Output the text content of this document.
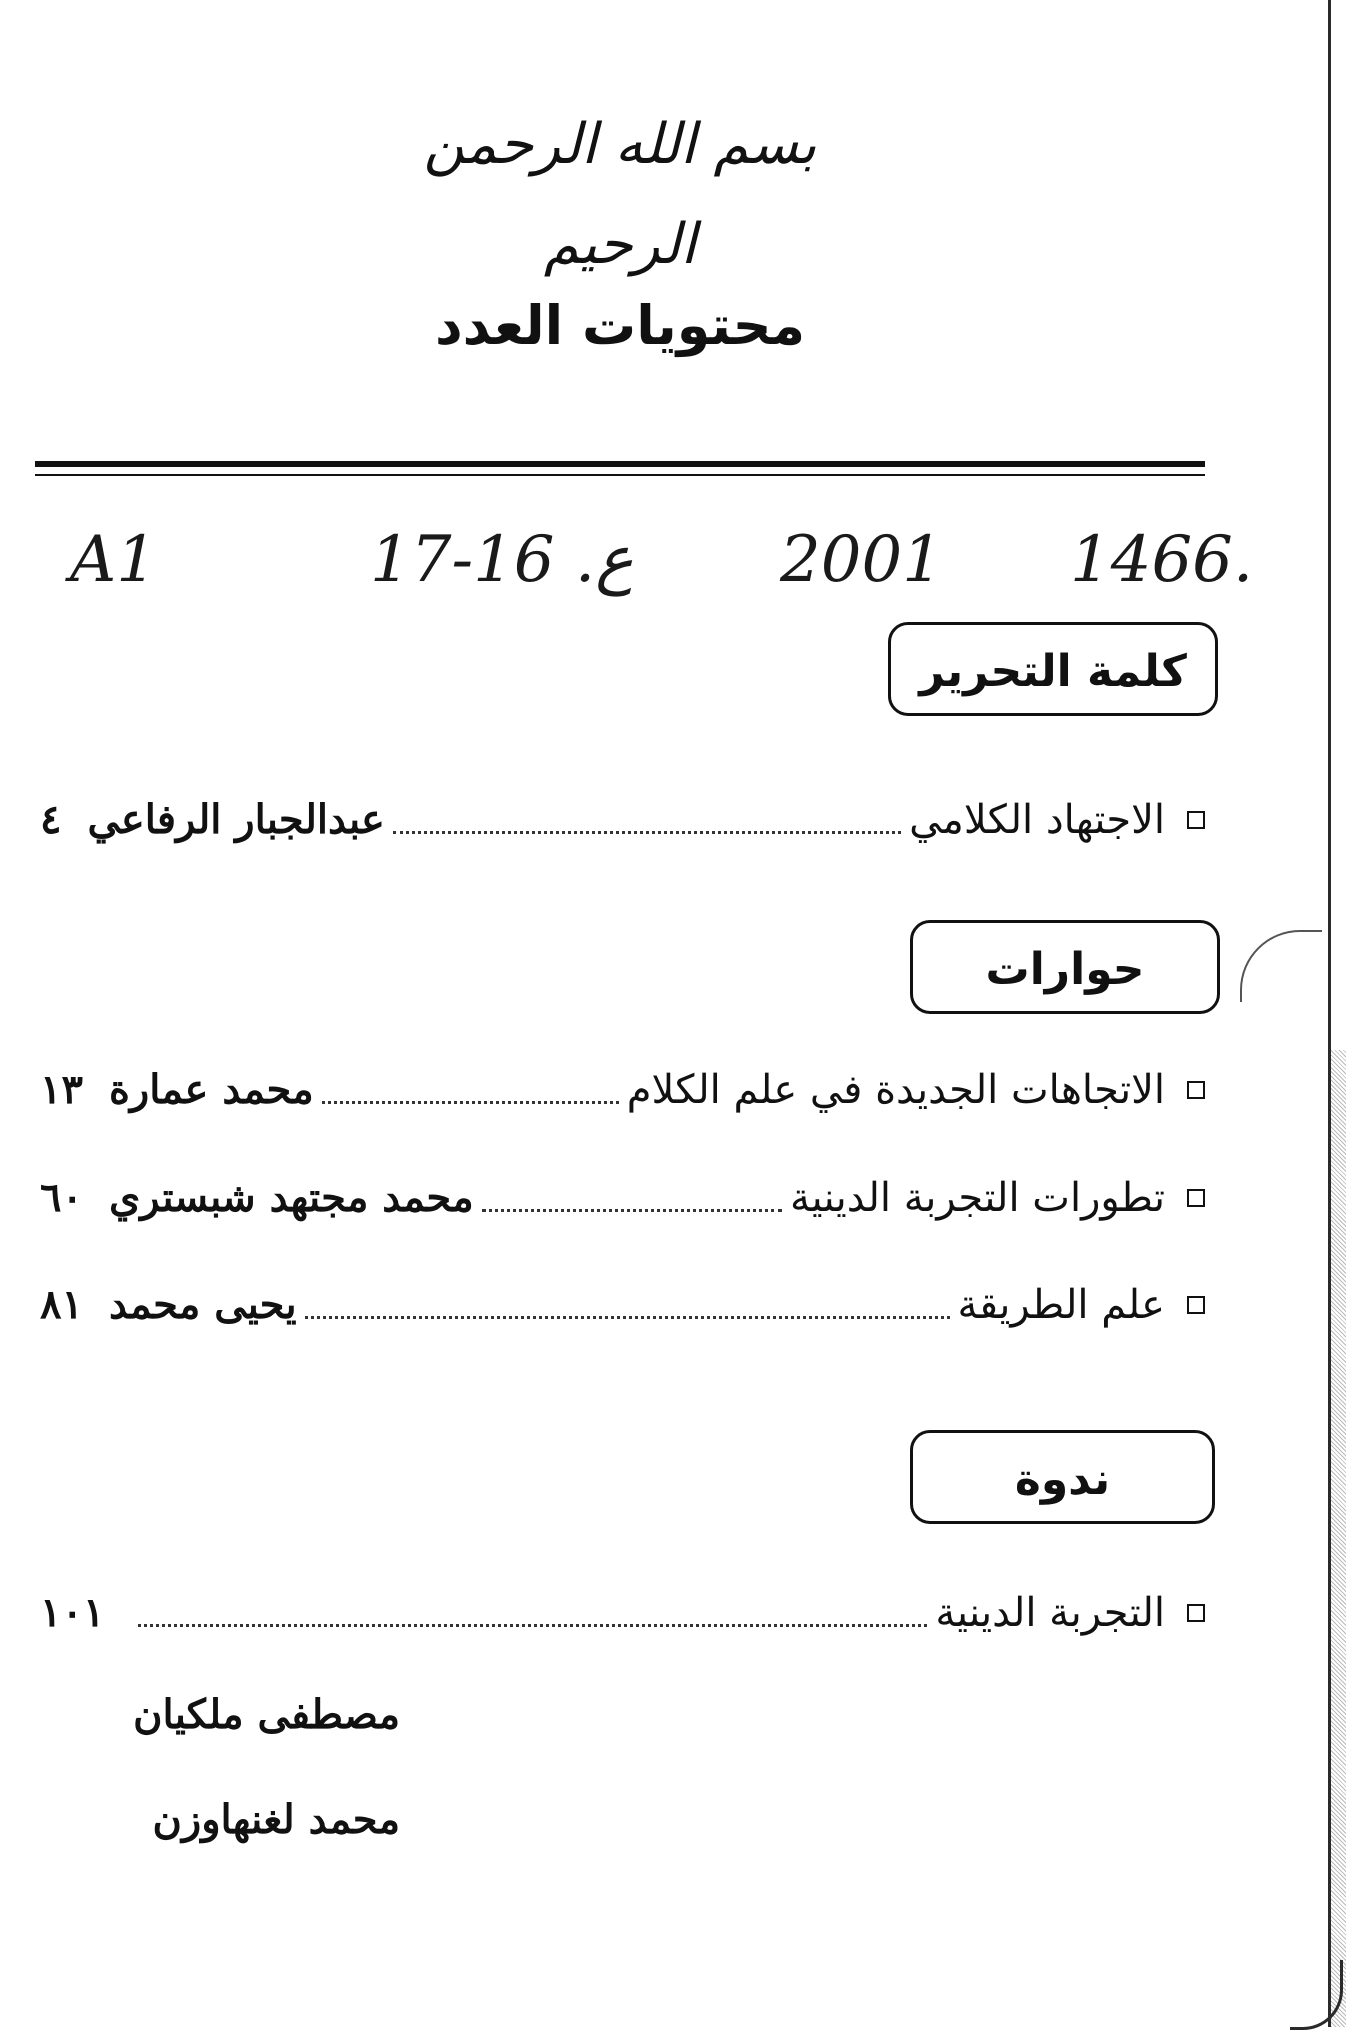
بسم الله الرحمن الرحيم
محتويات العدد
A1	17-16 .ع 2001 1466.
كلمة التحرير
الاجتهاد الكلامي
عبدالجبار الرفاعي
٤
حوارات
الاتجاهات الجديدة في علم الكلام
محمد عمارة
١٣
تطورات التجربة الدينية
محمد مجتهد شبستري
٦٠
علم الطريقة
يحيى محمد
٨١
ندوة
التجربة الدينية
١٠١
مصطفى ملكيان
محمد لغنهاوزن
